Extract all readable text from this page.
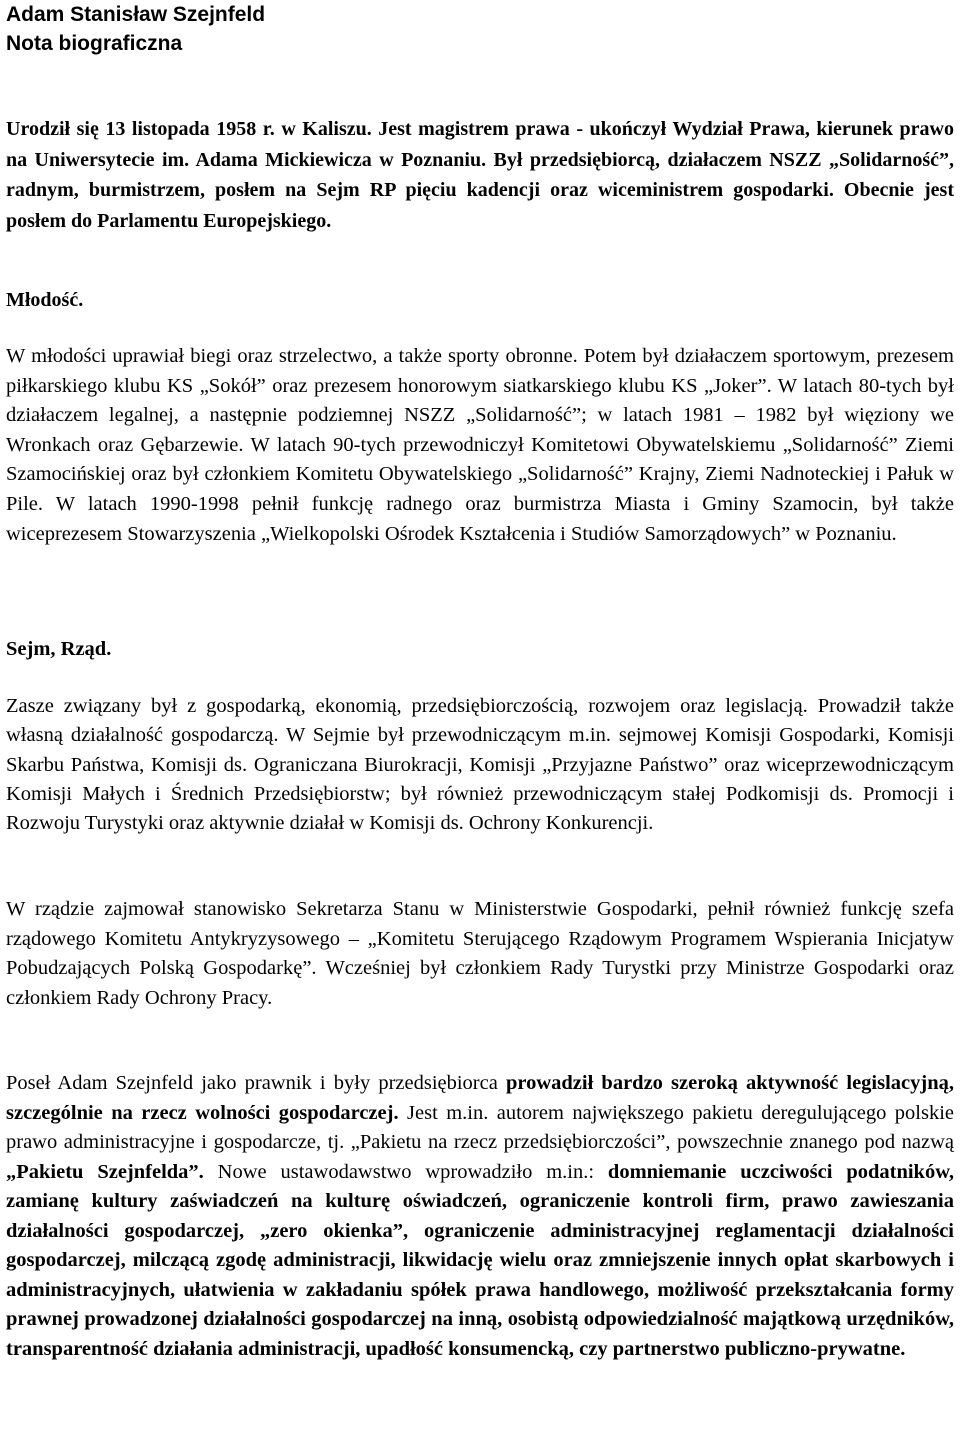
Adam Stanisław Szejnfeld
Nota biograficzna

Urodził się 13 listopada 1958 r. w Kaliszu. Jest magistrem prawa - ukończył Wydział Prawa, kierunek prawo na Uniwersytecie im. Adama Mickiewicza w Poznaniu. Był przedsiębiorcą, działaczem NSZZ „Solidarność”, radnym, burmistrzem, posłem na Sejm RP pięciu kadencji oraz wiceministrem gospodarki. Obecnie jest posłem do Parlamentu Europejskiego.

Młodość.

W młodości uprawiał biegi oraz strzelectwo, a także sporty obronne. Potem był działaczem sportowym, prezesem piłkarskiego klubu KS „Sokół” oraz prezesem honorowym siatkarskiego klubu KS „Joker”. W latach 80-tych był działaczem legalnej, a następnie podziemnej NSZZ „Solidarność”; w latach 1981 – 1982 był więziony we Wronkach oraz Gębarzewie. W latach 90-tych przewodniczył Komitetowi Obywatelskiemu „Solidarność” Ziemi Szamocińskiej oraz był członkiem Komitetu Obywatelskiego „Solidarność” Krajny, Ziemi Nadnoteckiej i Pałuk w Pile. W latach 1990-1998 pełnił funkcję radnego oraz burmistrza Miasta i Gminy Szamocin, był także wiceprezesem Stowarzyszenia „Wielkopolski Ośrodek Kształcenia i Studiów Samorządowych” w Poznaniu.

Sejm, Rząd.

Zasze związany był z gospodarką, ekonomią, przedsiębiorczością, rozwojem oraz legislacją. Prowadził także własną działalność gospodarczą. W Sejmie był przewodniczącym m.in. sejmowej Komisji Gospodarki, Komisji Skarbu Państwa, Komisji ds. Ograniczana Biurokracji, Komisji „Przyjazne Państwo” oraz wiceprzewodniczącym Komisji Małych i Średnich Przedsiębiorstw; był również przewodniczącym stałej Podkomisji ds. Promocji i Rozwoju Turystyki oraz aktywnie działał w Komisji ds. Ochrony Konkurencji.

W rządzie zajmował stanowisko Sekretarza Stanu w Ministerstwie Gospodarki, pełnił również funkcję szefa rządowego Komitetu Antykryzysowego – „Komitetu Sterującego Rządowym Programem Wspierania Inicjatyw Pobudzających Polską Gospodarkę”. Wcześniej był członkiem Rady Turystki przy Ministrze Gospodarki oraz członkiem Rady Ochrony Pracy.

Poseł Adam Szejnfeld jako prawnik i były przedsiębiorca prowadził bardzo szeroką aktywność legislacyjną, szczególnie na rzecz wolności gospodarczej. Jest m.in. autorem największego pakietu deregulującego polskie prawo administracyjne i gospodarcze, tj. „Pakietu na rzecz przedsiębiorczości”, powszechnie znanego pod nazwą „Pakietu Szejnfelda”. Nowe ustawodawstwo wprowadziło m.in.: domniemanie uczciwości podatników, zamianę kultury zaświadczeń na kulturę oświadczeń, ograniczenie kontroli firm, prawo zawieszania działalności gospodarczej, „zero okienka”, ograniczenie administracyjnej reglamentacji działalności gospodarczej, milczącą zgodę administracji, likwidację wielu oraz zmniejszenie innych opłat skarbowych i administracyjnych, ułatwienia w zakładaniu spółek prawa handlowego, możliwość przekształcania formy prawnej prowadzonej działalności gospodarczej na inną, osobistą odpowiedzialność majątkową urzędników, transparentność działania administracji, upadłość konsumencką, czy partnerstwo publiczno-prywatne.
